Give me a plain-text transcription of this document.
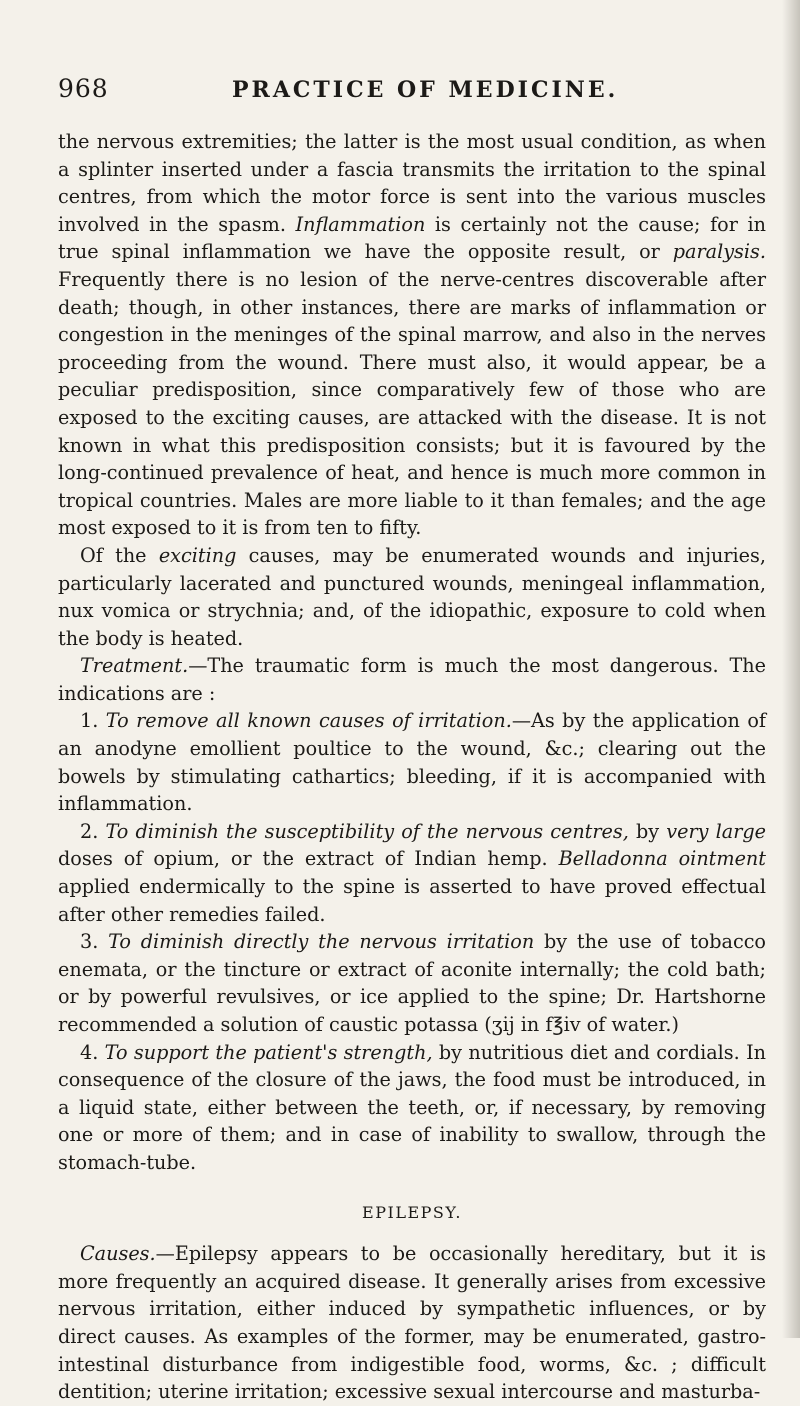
968	PRACTICE OF MEDICINE.

the nervous extremities; the latter is the most usual condition, as when a splinter inserted under a fascia transmits the irritation to the spinal centres, from which the motor force is sent into the various muscles involved in the spasm. Inflammation is certainly not the cause; for in true spinal inflammation we have the opposite result, or paralysis. Frequently there is no lesion of the nerve-centres discoverable after death; though, in other instances, there are marks of inflammation or congestion in the meninges of the spinal marrow, and also in the nerves proceeding from the wound. There must also, it would appear, be a peculiar predisposition, since comparatively few of those who are exposed to the exciting causes, are attacked with the disease. It is not known in what this predisposition consists; but it is favoured by the long-continued prevalence of heat, and hence is much more common in tropical countries. Males are more liable to it than females; and the age most exposed to it is from ten to fifty.

Of the exciting causes, may be enumerated wounds and injuries, particularly lacerated and punctured wounds, meningeal inflammation, nux vomica or strychnia; and, of the idiopathic, exposure to cold when the body is heated.

Treatment.—The traumatic form is much the most dangerous. The indications are :

1. To remove all known causes of irritation.—As by the application of an anodyne emollient poultice to the wound, &c.; clearing out the bowels by stimulating cathartics; bleeding, if it is accompanied with inflammation.

2. To diminish the susceptibility of the nervous centres, by very large doses of opium, or the extract of Indian hemp. Belladonna ointment applied endermically to the spine is asserted to have proved effectual after other remedies failed.

3. To diminish directly the nervous irritation by the use of tobacco enemata, or the tincture or extract of aconite internally; the cold bath; or by powerful revulsives, or ice applied to the spine; Dr. Hartshorne recommended a solution of caustic potassa (ʒij in f℥iv of water.)

4. To support the patient's strength, by nutritious diet and cordials. In consequence of the closure of the jaws, the food must be introduced, in a liquid state, either between the teeth, or, if necessary, by removing one or more of them; and in case of inability to swallow, through the stomach-tube.

EPILEPSY.

Causes.—Epilepsy appears to be occasionally hereditary, but it is more frequently an acquired disease. It generally arises from excessive nervous irritation, either induced by sympathetic influences, or by direct causes. As examples of the former, may be enumerated, gastro-intestinal disturbance from indigestible food, worms, &c. ; difficult dentition; uterine irritation; excessive sexual intercourse and masturba-
